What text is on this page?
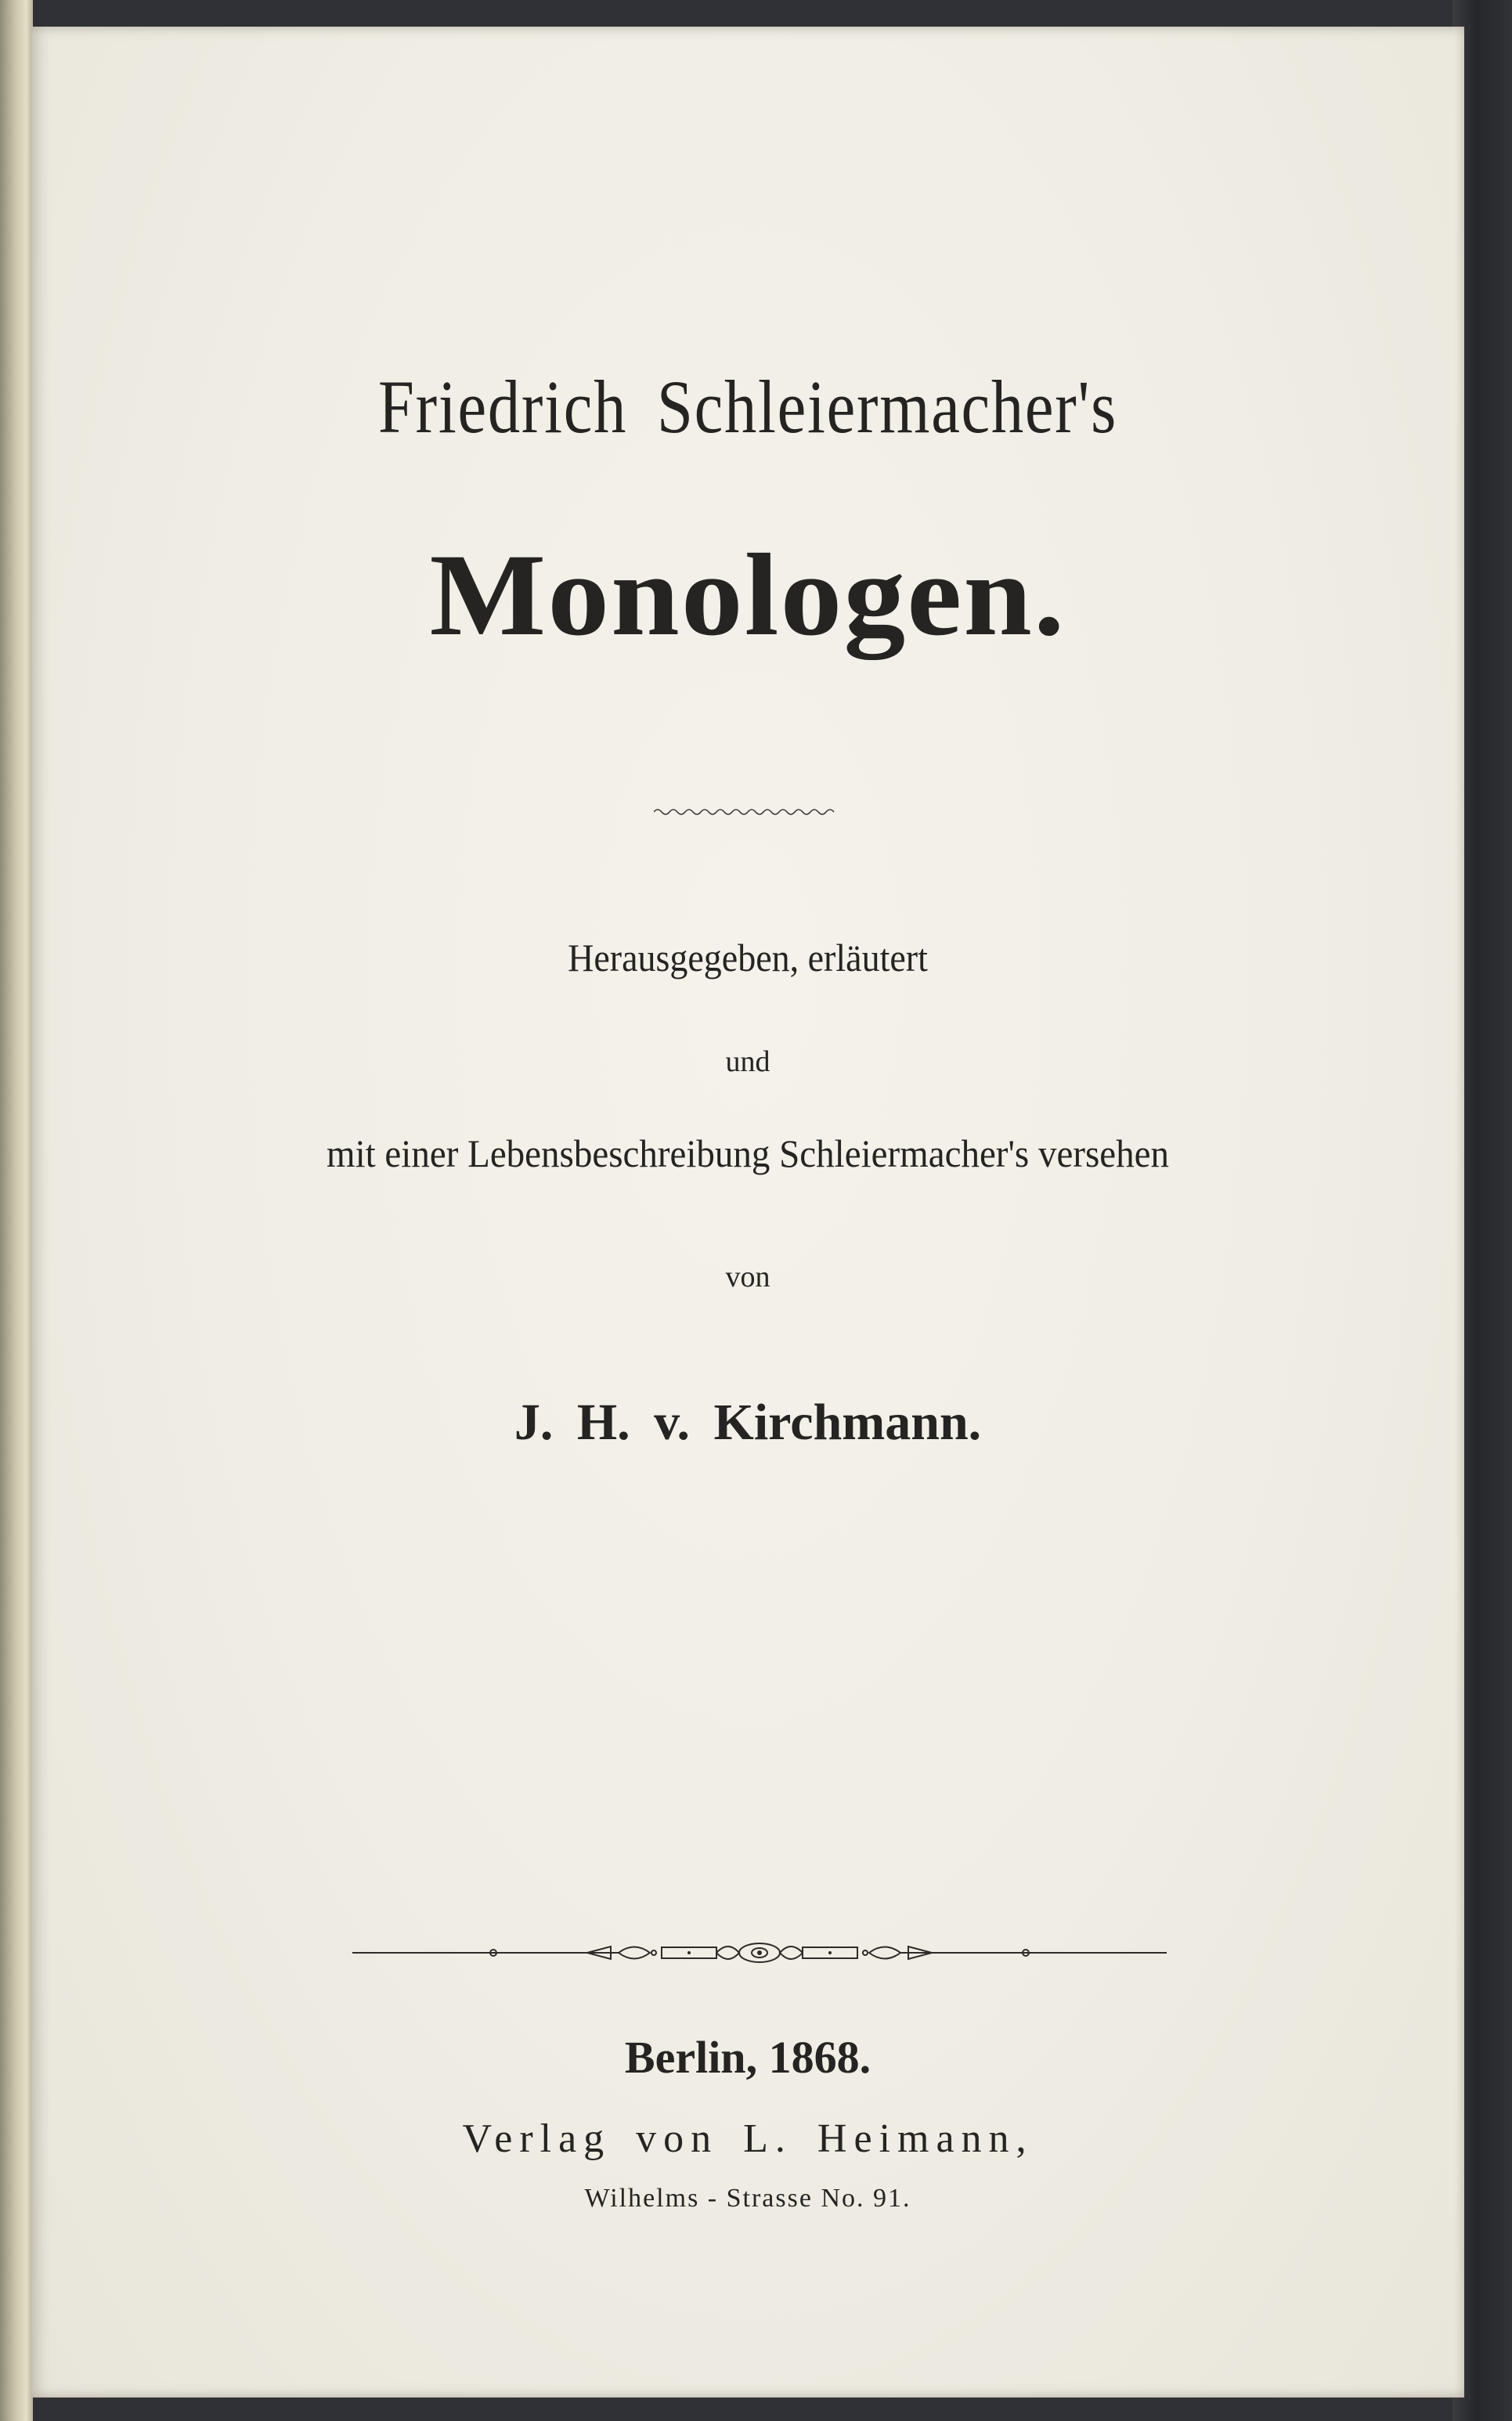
Friedrich Schleiermacher's
Monologen.
Herausgegeben, erläutert
und
mit einer Lebensbeschreibung Schleiermacher's versehen
von
J. H. v. Kirchmann.
Berlin, 1868.
Verlag von L. Heimann,
Wilhelms - Strasse No. 91.
